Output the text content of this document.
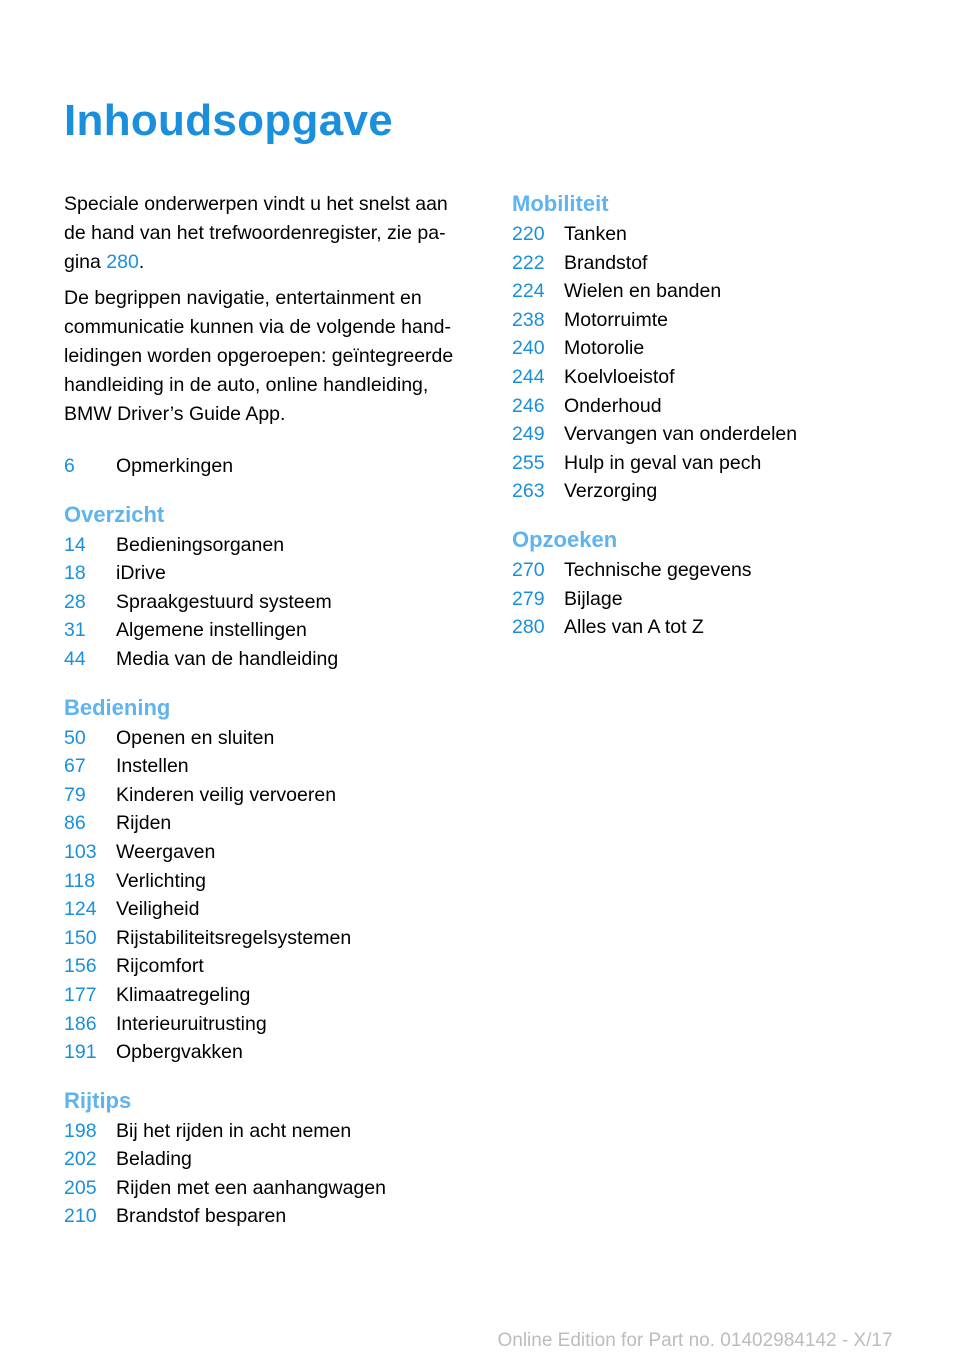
Inhoudsopgave

Speciale onderwerpen vindt u het snelst aan de hand van het trefwoordenregister, zie pa‐gina 280.

De begrippen navigatie, entertainment en communicatie kunnen via de volgende hand‐leidingen worden opgeroepen: geïntegreerde handleiding in de auto, online handleiding, BMW Driver’s Guide App.

6	Opmerkingen
Overzicht
14	Bedieningsorganen
18	iDrive
28	Spraakgestuurd systeem
31	Algemene instellingen
44	Media van de handleiding
Bediening
50	Openen en sluiten
67	Instellen
79	Kinderen veilig vervoeren
86	Rijden
103 Weergaven
118	Verlichting
124 Veiligheid
150 Rijstabiliteitsregelsystemen
156 Rijcomfort
177 Klimaatregeling
186 Interieuruitrusting
191 Opbergvakken
Rijtips
198 Bij het rijden in acht nemen
202 Belading
205 Rijden met een aanhangwagen
210 Brandstof besparen
Mobiliteit
220 Tanken
222 Brandstof
224 Wielen en banden
238 Motorruimte
240 Motorolie
244 Koelvloeistof
246 Onderhoud
249 Vervangen van onderdelen
255 Hulp in geval van pech
263 Verzorging
Opzoeken
270 Technische gegevens
279 Bijlage
280 Alles van A tot Z
Online Edition for Part no. 01402984142 - X/17
